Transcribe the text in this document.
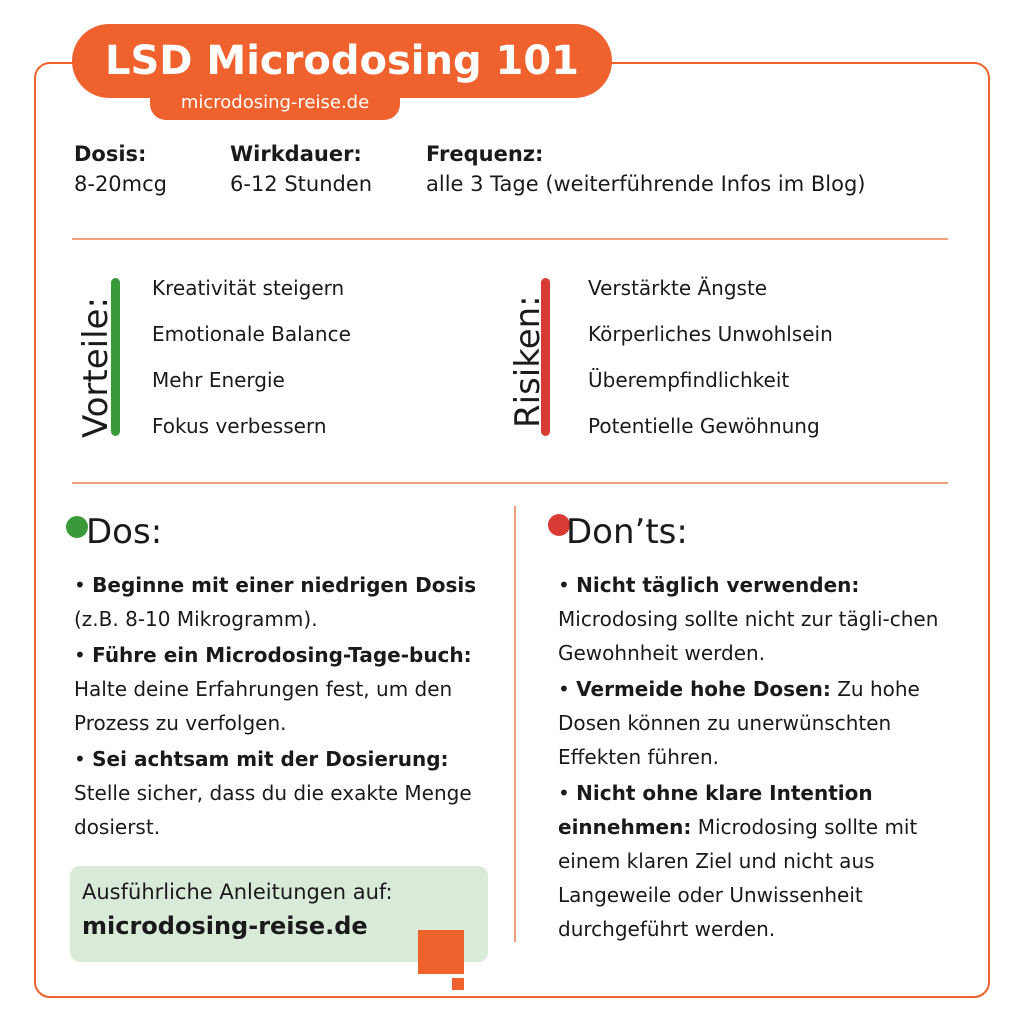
LSD Microdosing 101
microdosing-reise.de
Dosis:
8-20mcg
Wirkdauer:
6-12 Stunden
Frequenz:
alle 3 Tage (weiterführende Infos im Blog)
Vorteile:
Kreativität steigern
Emotionale Balance
Mehr Energie
Fokus verbessern	Risiken:
Verstärkte Ängste
Körperliches Unwohlsein
Überempfindlichkeit
Potentielle Gewöhnung
Dos:
• Beginne mit einer niedrigen Dosis (z.B. 8-10 Mikrogramm).
• Führe ein Microdosing-Tage-buch: Halte deine Erfahrungen fest, um den Prozess zu verfolgen.
• Sei achtsam mit der Dosierung: Stelle sicher, dass du die exakte Menge dosierst.
Don’ts:
• Nicht täglich verwenden: Microdosing sollte nicht zur tägli-chen Gewohnheit werden.
• Vermeide hohe Dosen: Zu hohe Dosen können zu unerwünschten Effekten führen.
• Nicht ohne klare Intention einnehmen: Microdosing sollte mit einem klaren Ziel und nicht aus Langeweile oder Unwissenheit durchgeführt werden.
Ausführliche Anleitungen auf:
microdosing-reise.de
